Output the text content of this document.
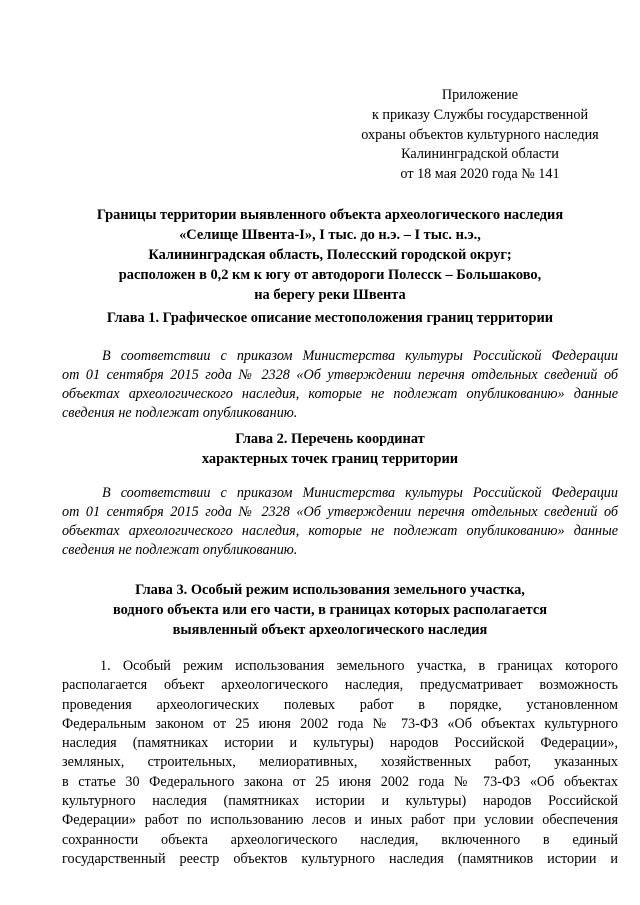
Приложение
к приказу Службы государственной
охраны объектов культурного наследия
Калининградской области
от 18 мая 2020 года № 141
Границы территории выявленного объекта археологического наследия
«Селище Швента-I», I тыс. до н.э. – I тыс. н.э.,
Калининградская область, Полесский городской округ;
расположен в 0,2 км к югу от автодороги Полесск – Большаково,
на берегу реки Швента
Глава 1. Графическое описание местоположения границ территории
В соответствии с приказом Министерства культуры Российской Федерации
от 01 сентября 2015 года № 2328 «Об утверждении перечня отдельных сведений об
объектах археологического наследия, которые не подлежат опубликованию» данные
сведения не подлежат опубликованию.
Глава 2. Перечень координат
характерных точек границ территории
В соответствии с приказом Министерства культуры Российской Федерации
от 01 сентября 2015 года № 2328 «Об утверждении перечня отдельных сведений об
объектах археологического наследия, которые не подлежат опубликованию» данные
сведения не подлежат опубликованию.
Глава 3. Особый режим использования земельного участка,
водного объекта или его части, в границах которых располагается
выявленный объект археологического наследия
1. Особый режим использования земельного участка, в границах которого
располагается объект археологического наследия, предусматривает возможность
проведения археологических полевых работ в порядке, установленном
Федеральным законом от 25 июня 2002 года № 73-ФЗ «Об объектах культурного
наследия (памятниках истории и культуры) народов Российской Федерации»,
земляных, строительных, мелиоративных, хозяйственных работ, указанных
в статье 30 Федерального закона от 25 июня 2002 года № 73-ФЗ «Об объектах
культурного наследия (памятниках истории и культуры) народов Российской
Федерации» работ по использованию лесов и иных работ при условии обеспечения
сохранности объекта археологического наследия, включенного в единый
государственный реестр объектов культурного наследия (памятников истории и
